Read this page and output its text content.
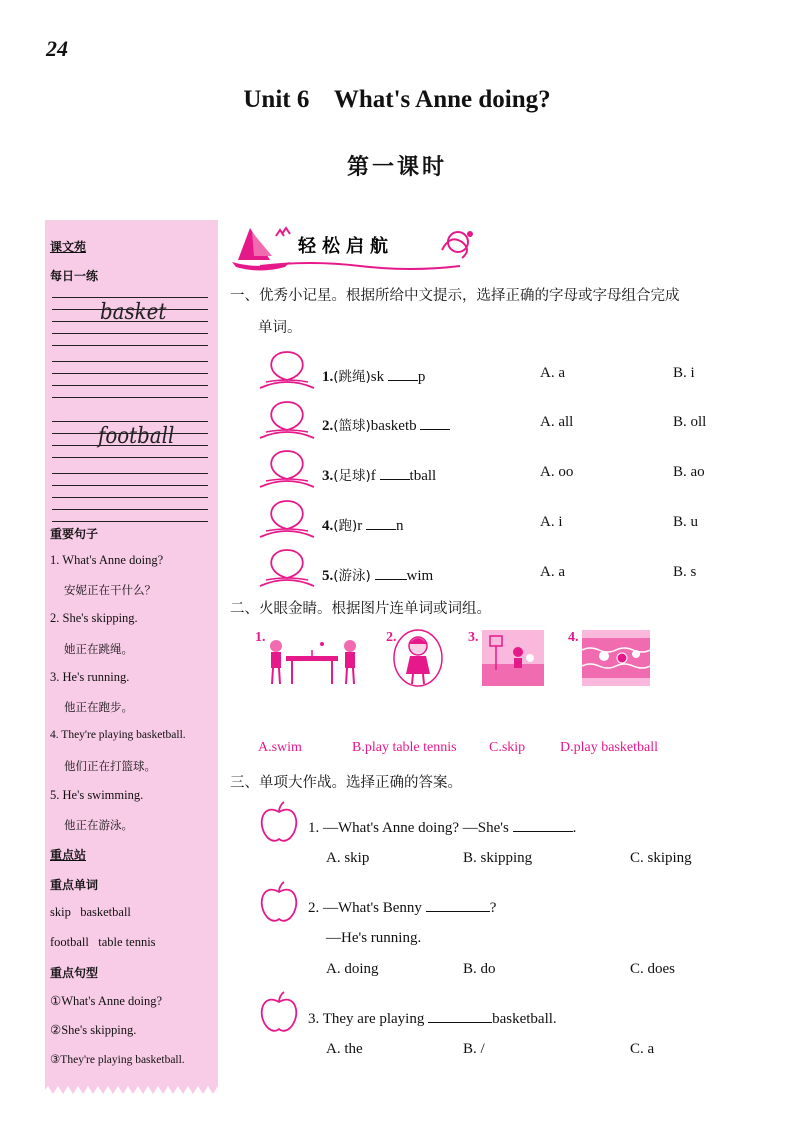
24
Unit 6    What's Anne doing?
第一课时
课文苑
每日一练
basket
football
重要句子
1. What's Anne doing?
安妮正在干什么？
2. She's skipping.
她正在跳绳。
3. He's running.
他正在跑步。
4. They're playing basketball.
他们正在打篮球。
5. He's swimming.
他正在游泳。
重点站
重点单词
skip   basketball
football   table tennis
重点句型
①What's Anne doing?
②She's skipping.
③They're playing basketball.
轻松启航
一、优秀小记星。根据所给中文提示，选择正确的字母或字母组合完成
单词。
1.(跳绳)sk p	A. a	B. i
2.(篮球)basketb	A. all	B. oll
3.(足球)f tball	A. oo	B. ao
4.(跑)r n	A. i	B. u
5.(游泳) wim	A. a	B. s
二、火眼金睛。根据图片连单词或词组。
1.	2.	3.	4.
A.swim	B.play table tennis C.skip D.play basketball
三、单项大作战。选择正确的答案。
1. —What's Anne doing? —She's	.
A. skip	B. skipping	C. skiping
2. —What's Benny	?
—He's running.
A. doing	B. do	C. does
3. They are playing	basketball.
A. the	B. /	C. a
